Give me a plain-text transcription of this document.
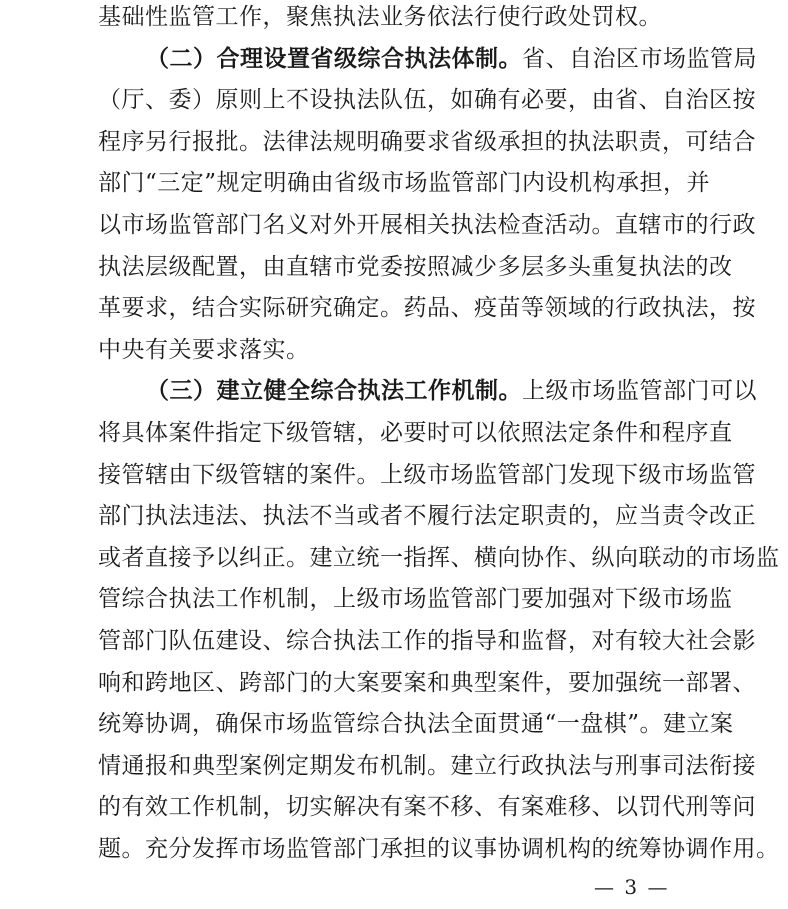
基础性监管工作，聚焦执法业务依法行使行政处罚权。
（二）合理设置省级综合执法体制。省、自治区市场监管局
（厅、委）原则上不设执法队伍，如确有必要，由省、自治区按
程序另行报批。法律法规明确要求省级承担的执法职责，可结合
部门“三定”规定明确由省级市场监管部门内设机构承担，并
以市场监管部门名义对外开展相关执法检查活动。直辖市的行政
执法层级配置，由直辖市党委按照减少多层多头重复执法的改
革要求，结合实际研究确定。药品、疫苗等领域的行政执法，按
中央有关要求落实。
（三）建立健全综合执法工作机制。上级市场监管部门可以
将具体案件指定下级管辖，必要时可以依照法定条件和程序直
接管辖由下级管辖的案件。上级市场监管部门发现下级市场监管
部门执法违法、执法不当或者不履行法定职责的，应当责令改正
或者直接予以纠正。建立统一指挥、横向协作、纵向联动的市场监
管综合执法工作机制，上级市场监管部门要加强对下级市场监
管部门队伍建设、综合执法工作的指导和监督，对有较大社会影
响和跨地区、跨部门的大案要案和典型案件，要加强统一部署、
统筹协调，确保市场监管综合执法全面贯通“一盘棋”。建立案
情通报和典型案例定期发布机制。建立行政执法与刑事司法衔接
的有效工作机制，切实解决有案不移、有案难移、以罚代刑等问
题。充分发挥市场监管部门承担的议事协调机构的统筹协调作用。
— 3 —
